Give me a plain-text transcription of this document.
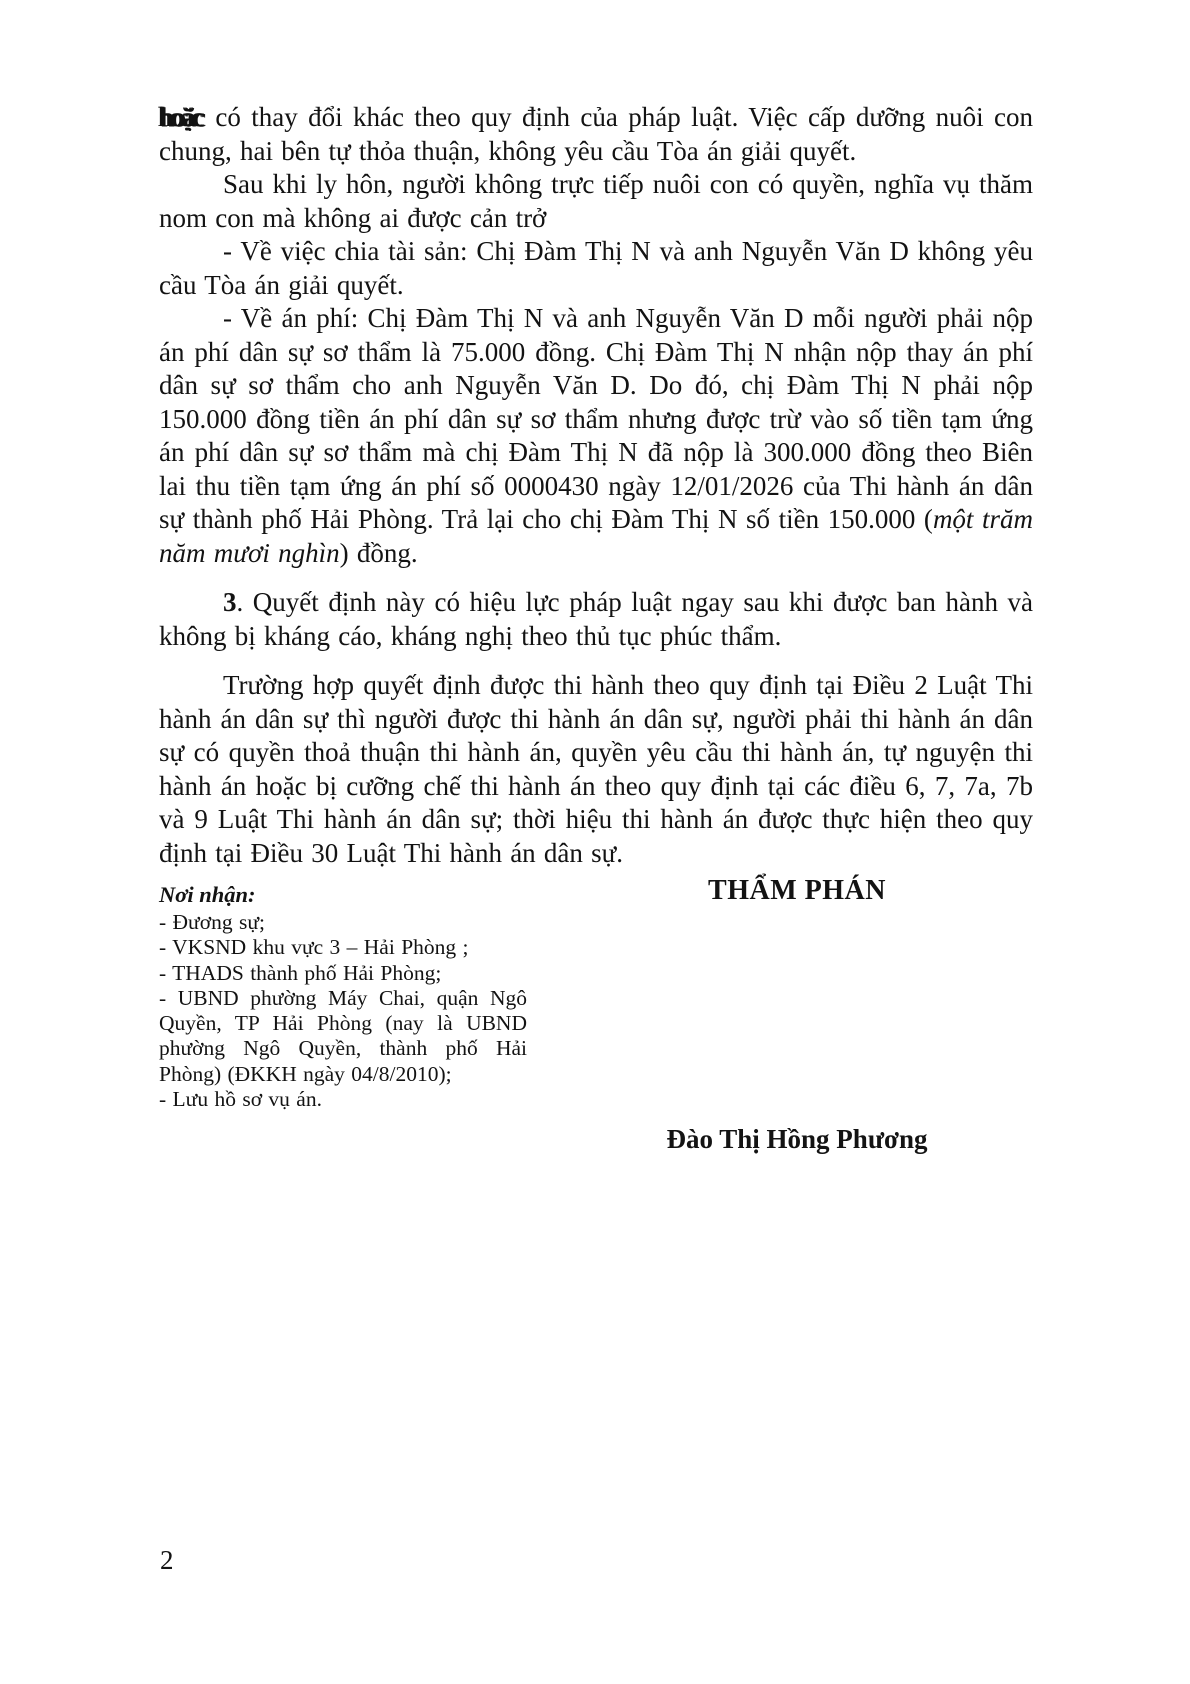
hoặc có thay đổi khác theo quy định của pháp luật. Việc cấp dưỡng nuôi con chung, hai bên tự thỏa thuận, không yêu cầu Tòa án giải quyết.

Sau khi ly hôn, người không trực tiếp nuôi con có quyền, nghĩa vụ thăm nom con mà không ai được cản trở

- Về việc chia tài sản: Chị Đàm Thị N và anh Nguyễn Văn D không yêu cầu Tòa án giải quyết.

- Về án phí: Chị Đàm Thị N và anh Nguyễn Văn D mỗi người phải nộp án phí dân sự sơ thẩm là 75.000 đồng. Chị Đàm Thị N nhận nộp thay án phí dân sự sơ thẩm cho anh Nguyễn Văn D. Do đó, chị Đàm Thị N phải nộp 150.000 đồng tiền án phí dân sự sơ thẩm nhưng được trừ vào số tiền tạm ứng án phí dân sự sơ thẩm mà chị Đàm Thị N đã nộp là 300.000 đồng theo Biên lai thu tiền tạm ứng án phí số 0000430 ngày 12/01/2026 của Thi hành án dân sự thành phố Hải Phòng. Trả lại cho chị Đàm Thị N số tiền 150.000 (một trăm năm mươi nghìn) đồng.

3. Quyết định này có hiệu lực pháp luật ngay sau khi được ban hành và không bị kháng cáo, kháng nghị theo thủ tục phúc thẩm.

Trường hợp quyết định được thi hành theo quy định tại Điều 2 Luật Thi hành án dân sự thì người được thi hành án dân sự, người phải thi hành án dân sự có quyền thoả thuận thi hành án, quyền yêu cầu thi hành án, tự nguyện thi hành án hoặc bị cưỡng chế thi hành án theo quy định tại các điều 6, 7, 7a, 7b và 9 Luật Thi hành án dân sự; thời hiệu thi hành án được thực hiện theo quy định tại Điều 30 Luật Thi hành án dân sự.

Nơi nhận:
- Đương sự;
- VKSND khu vực 3 – Hải Phòng ;
- THADS thành phố Hải Phòng;
- UBND phường Máy Chai, quận Ngô Quyền, TP Hải Phòng (nay là UBND phường Ngô Quyền, thành phố Hải Phòng) (ĐKKH ngày 04/8/2010);
- Lưu hồ sơ vụ án.
THẨM PHÁN
Đào Thị Hồng Phương
2
